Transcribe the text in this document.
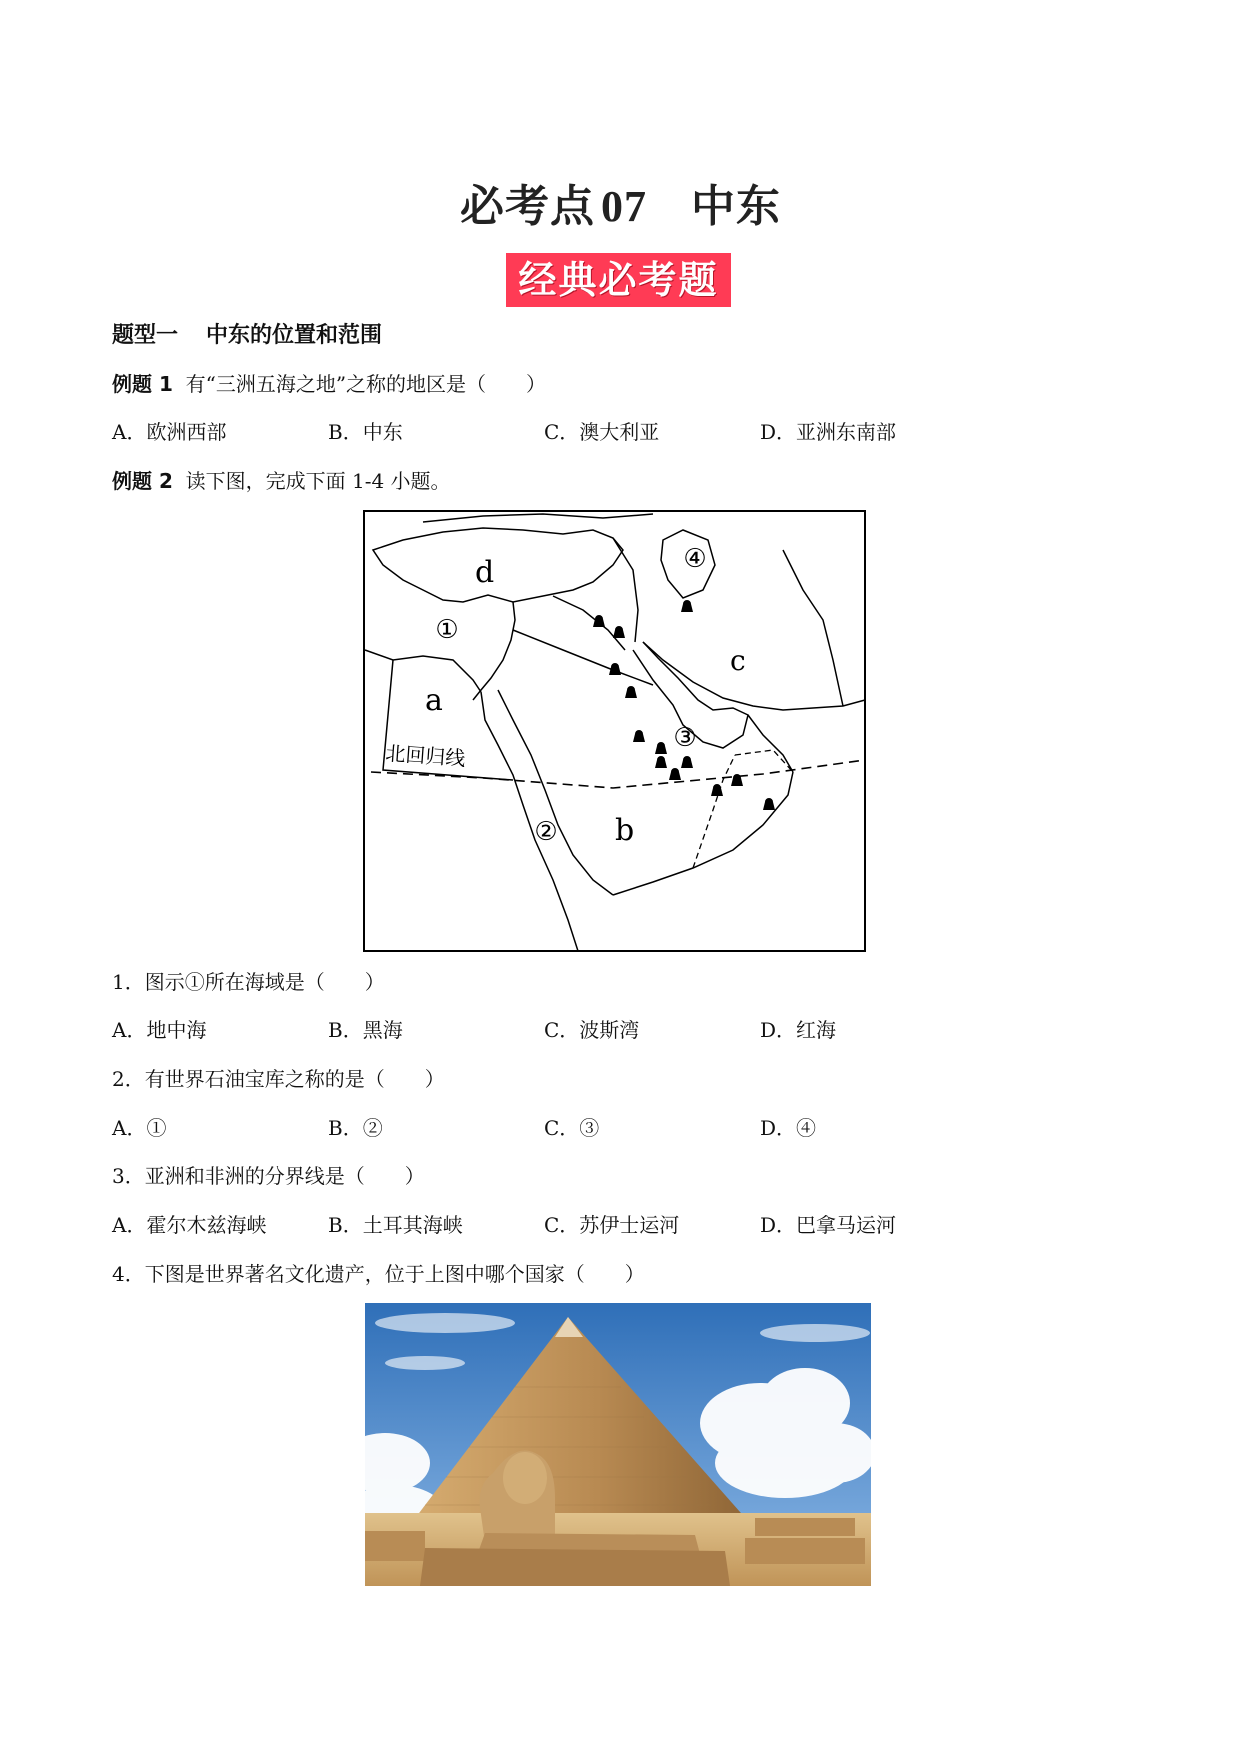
必考点 07 中东
经典必考题
题型一 中东的位置和范围
例题 1 有“三洲五海之地”之称的地区是（　　）
A．欧洲西部	B．中东	C．澳大利亚	D．亚洲东南部
例题 2 读下图，完成下面 1-4 小题。
北回归线
d
c
a
b
①
②
③
④
1．图示①所在海域是（　　）
A．地中海	B．黑海	C．波斯湾	D．红海
2．有世界石油宝库之称的是（　　）
A．①	B．②	C．③	D．④
3．亚洲和非洲的分界线是（　　）
A．霍尔木兹海峡	B．土耳其海峡	C．苏伊士运河	D．巴拿马运河
4．下图是世界著名文化遗产，位于上图中哪个国家（　　）
